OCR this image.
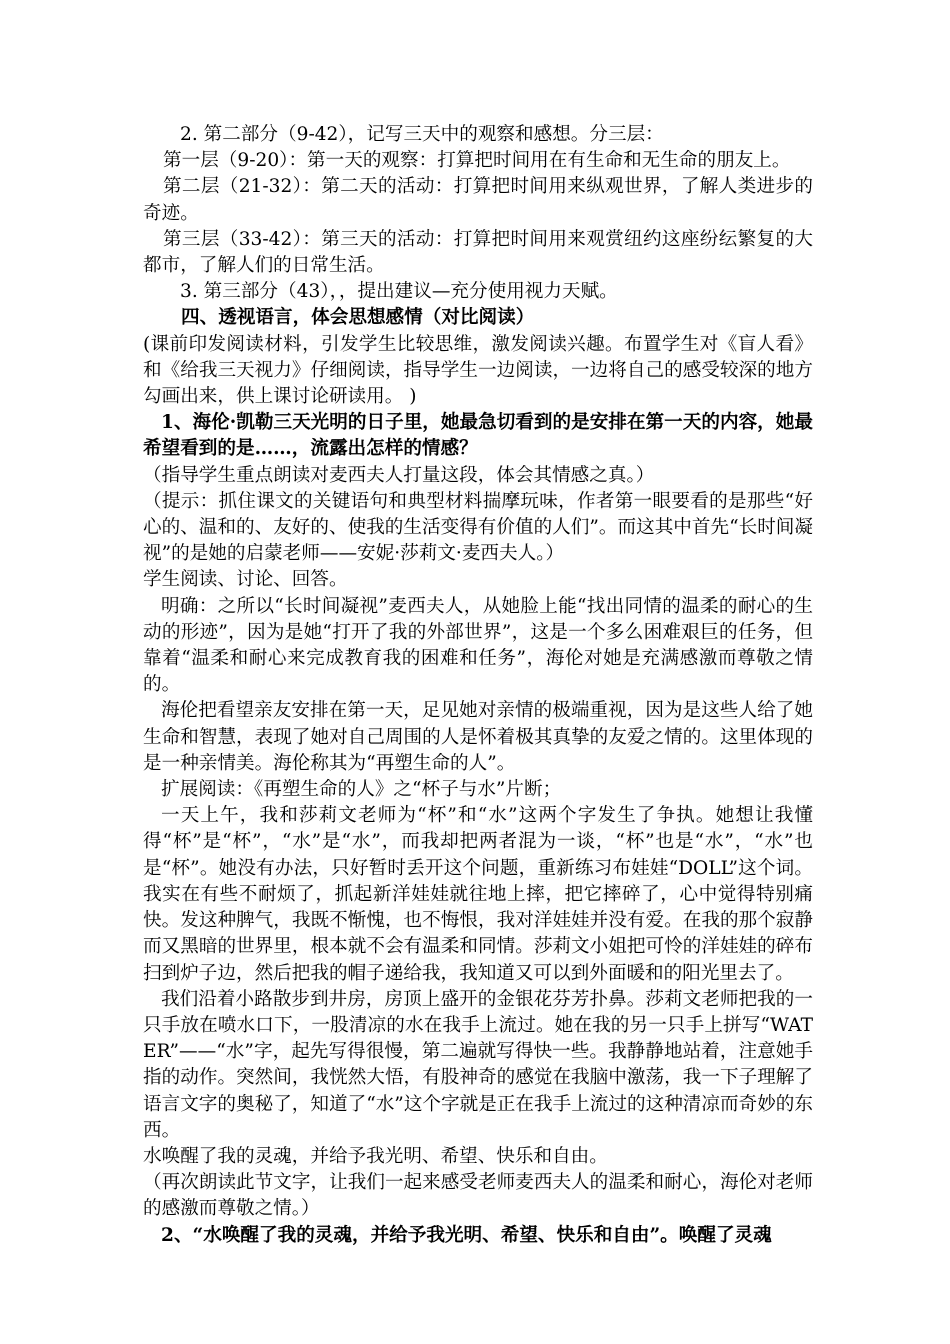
2. 第二部分（9-42），记写三天中的观察和感想。分三层：

第一层（9-20）：第一天的观察：打算把时间用在有生命和无生命的朋友上。

第二层（21-32）：第二天的活动：打算把时间用来纵观世界，了解人类进步的奇迹。

第三层（33-42）：第三天的活动：打算把时间用来观赏纽约这座纷纭繁复的大都市，了解人们的日常生活。

3. 第三部分（43），，提出建议—充分使用视力天赋。

四、透视语言，体会思想感情（对比阅读）

(课前印发阅读材料，引发学生比较思维，激发阅读兴趣。布置学生对《盲人看》和《给我三天视力》仔细阅读，指导学生一边阅读，一边将自己的感受较深的地方勾画出来，供上课讨论研读用。 )

1、海伦·凯勒三天光明的日子里，她最急切看到的是安排在第一天的内容，她最希望看到的是……，流露出怎样的情感？

（指导学生重点朗读对麦西夫人打量这段，体会其情感之真。）

（提示：抓住课文的关键语句和典型材料揣摩玩味，作者第一眼要看的是那些“好心的、温和的、友好的、使我的生活变得有价值的人们”。而这其中首先“长时间凝视”的是她的启蒙老师——安妮·莎莉文·麦西夫人。）

学生阅读、讨论、回答。

明确：之所以“长时间凝视”麦西夫人，从她脸上能“找出同情的温柔的耐心的生动的形迹”，因为是她“打开了我的外部世界”，这是一个多么困难艰巨的任务，但靠着“温柔和耐心来完成教育我的困难和任务”，海伦对她是充满感激而尊敬之情的。

海伦把看望亲友安排在第一天，足见她对亲情的极端重视，因为是这些人给了她生命和智慧，表现了她对自己周围的人是怀着极其真挚的友爱之情的。这里体现的是一种亲情美。海伦称其为“再塑生命的人”。

扩展阅读：《再塑生命的人》之“杯子与水”片断；

一天上午，我和莎莉文老师为“杯”和“水”这两个字发生了争执。她想让我懂得“杯”是“杯”，“水”是“水”，而我却把两者混为一谈，“杯”也是“水”，“水”也是“杯”。她没有办法，只好暂时丢开这个问题，重新练习布娃娃“DOLL”这个词。我实在有些不耐烦了，抓起新洋娃娃就往地上摔，把它摔碎了，心中觉得特别痛快。发这种脾气，我既不惭愧，也不悔恨，我对洋娃娃并没有爱。在我的那个寂静而又黑暗的世界里，根本就不会有温柔和同情。莎莉文小姐把可怜的洋娃娃的碎布扫到炉子边，然后把我的帽子递给我，我知道又可以到外面暖和的阳光里去了。

我们沿着小路散步到井房，房顶上盛开的金银花芬芳扑鼻。莎莉文老师把我的一只手放在喷水口下，一股清凉的水在我手上流过。她在我的另一只手上拼写“WATER”——“水”字，起先写得很慢，第二遍就写得快一些。我静静地站着，注意她手指的动作。突然间，我恍然大悟，有股神奇的感觉在我脑中激荡，我一下子理解了语言文字的奥秘了，知道了“水”这个字就是正在我手上流过的这种清凉而奇妙的东西。

水唤醒了我的灵魂，并给予我光明、希望、快乐和自由。

（再次朗读此节文字，让我们一起来感受老师麦西夫人的温柔和耐心，海伦对老师的感激而尊敬之情。）

2、“水唤醒了我的灵魂，并给予我光明、希望、快乐和自由”。唤醒了灵魂
